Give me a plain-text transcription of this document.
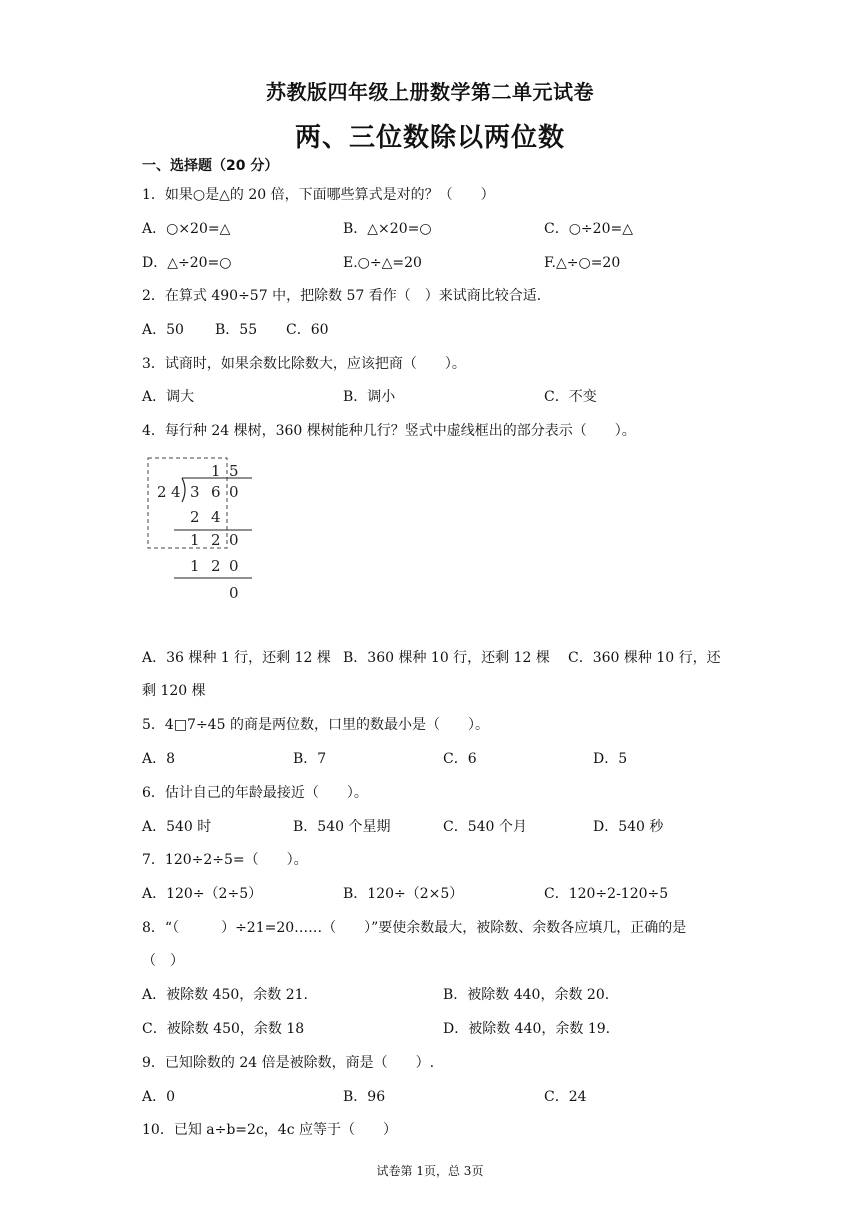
苏教版四年级上册数学第二单元试卷
两、三位数除以两位数
一、选择题（20 分）
1．如果○是△的 20 倍，下面哪些算式是对的？（　　）
A．○×20=△	B．△×20=○	C．○÷20=△
D．△÷20=○	E.○÷△=20	F.△÷○=20
2．在算式 490÷57 中，把除数 57 看作（　）来试商比较合适．
A．50 B．55 C．60
3．试商时，如果余数比除数大，应该把商（　　）。
A．调大	B．调小	C．不变
4．每行种 24 棵树，360 棵树能种几行？竖式中虚线框出的部分表示（　　）。
1 5
2 4 3 6 0
2 4
1 2 0
1 2 0
0
A．36 棵种 1 行，还剩 12 棵 B．360 棵种 10 行，还剩 12 棵 C．360 棵种 10 行，还
剩 120 棵
5．4□7÷45 的商是两位数，口里的数最小是（　　）。
A．8	B．7	C．6	D．5
6．估计自己的年龄最接近（　　）。
A．540 时	B．540 个星期	C．540 个月	D．540 秒
7．120÷2÷5=（　　）。
A．120÷（2÷5）	B．120÷（2×5）	C．120÷2-120÷5
8．“（　　　）÷21=20……（　　）”要使余数最大，被除数、余数各应填几，正确的是
（　）
A．被除数 450，余数 21.	B．被除数 440，余数 20.
C．被除数 450，余数 18	D．被除数 440，余数 19.
9．已知除数的 24 倍是被除数，商是（　　）.
A．0	B．96	C．24
10．已知 a÷b=2c，4c 应等于（　　）
试卷第 1页，总 3页
